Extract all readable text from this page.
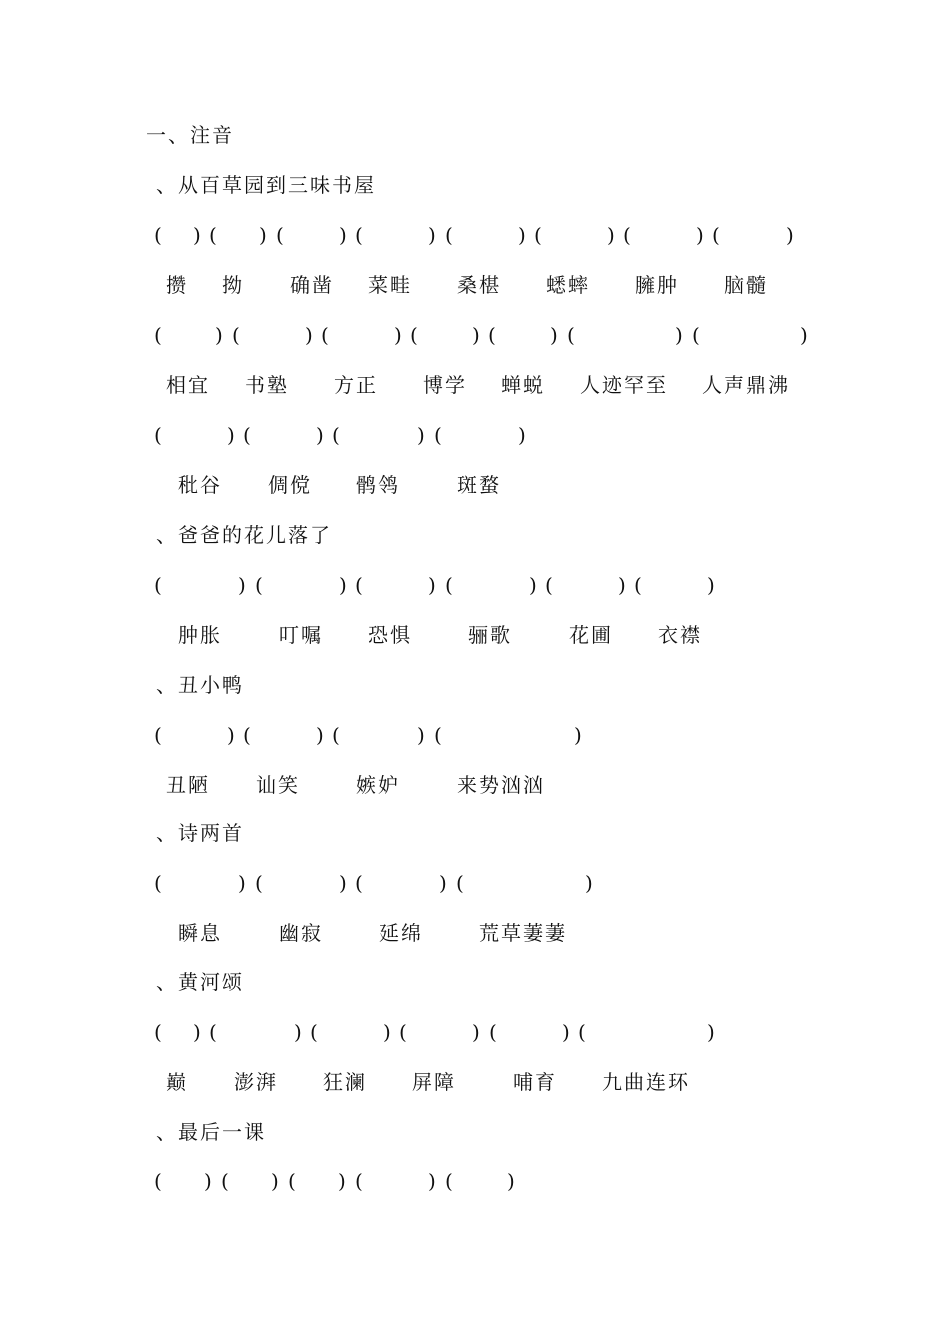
一、注音
、从百草园到三味书屋
( ) ( ) (	) (	) (	) (	) (	) (	)
攒 拗 确凿 菜畦 桑椹 蟋蟀 臃肿 脑髓
(	) (	) (	) (	) (	) (	) (	)
相宜 书塾 方正 博学 蝉蜕 人迹罕至 人声鼎沸
(	) (	) (	) (	)
秕谷 倜傥 鹘鸰	斑蝥
、爸爸的花儿落了
(	) (	) (	) (	) (	) (	)
肿胀	叮嘱 恐惧	骊歌	花圃 衣襟
、丑小鸭
(	) (	) (	) (	)
丑陋 讪笑	嫉妒	来势汹汹
、诗两首
(	) (	) (	) (	)
瞬息	幽寂	延绵	荒草萋萋
、黄河颂
( ) (	) (	) (	) (	) (	)
巅 澎湃 狂澜 屏障	哺育 九曲连环
、最后一课
( ) ( ) ( ) (	) (	)
